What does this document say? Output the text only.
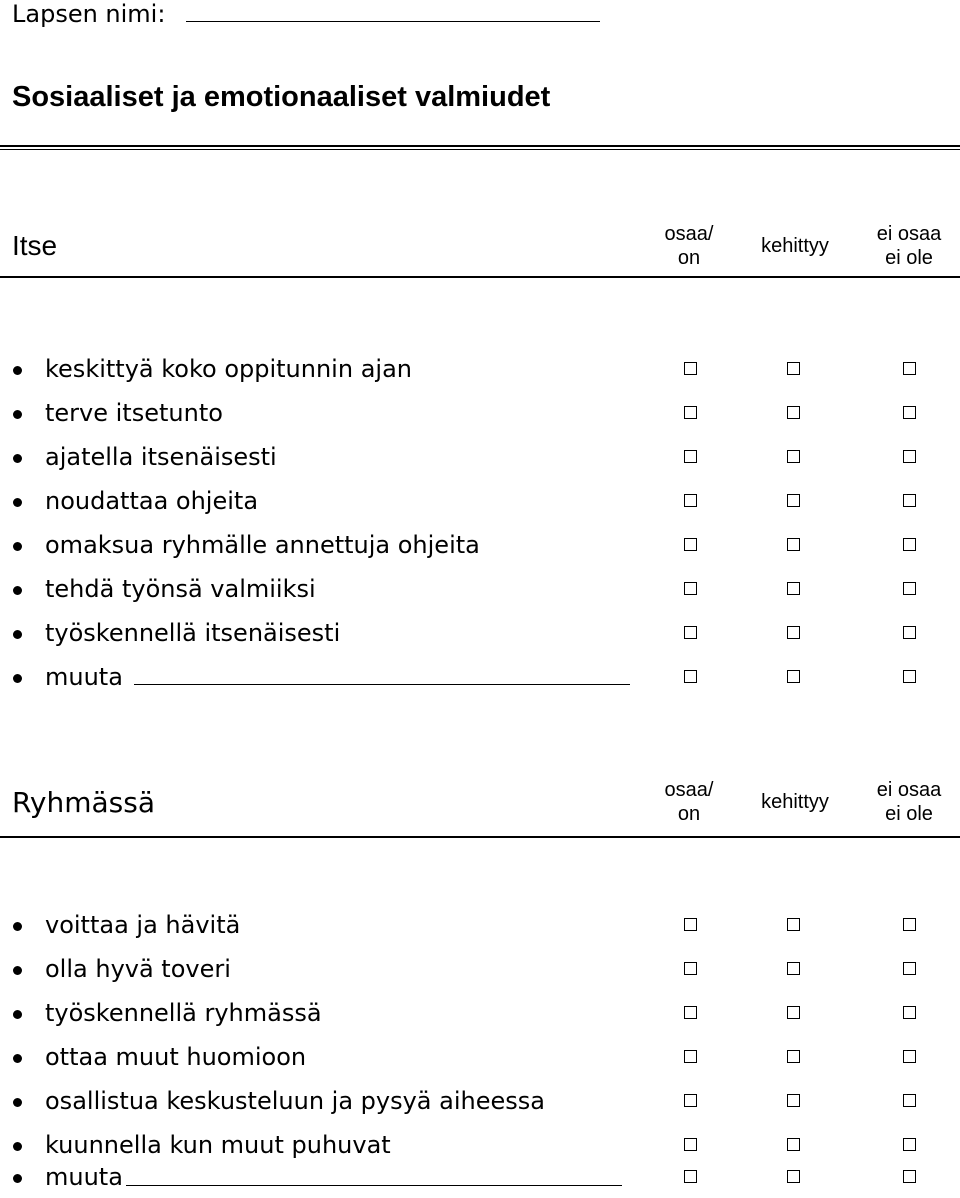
Lapsen nimi:
Sosiaaliset ja emotionaaliset valmiudet
Itse	osaa/
on
kehittyy
ei osaa
ei ole
keskittyä koko oppitunnin ajan
terve itsetunto
ajatella itsenäisesti
noudattaa ohjeita
omaksua ryhmälle annettuja ohjeita
tehdä työnsä valmiiksi
työskennellä itsenäisesti
muuta
Ryhmässä	osaa/
on
kehittyy
ei osaa
ei ole
voittaa ja hävitä
olla hyvä toveri
työskennellä ryhmässä
ottaa muut huomioon
osallistua keskusteluun ja pysyä aiheessa
kuunnella kun muut puhuvat
muuta
